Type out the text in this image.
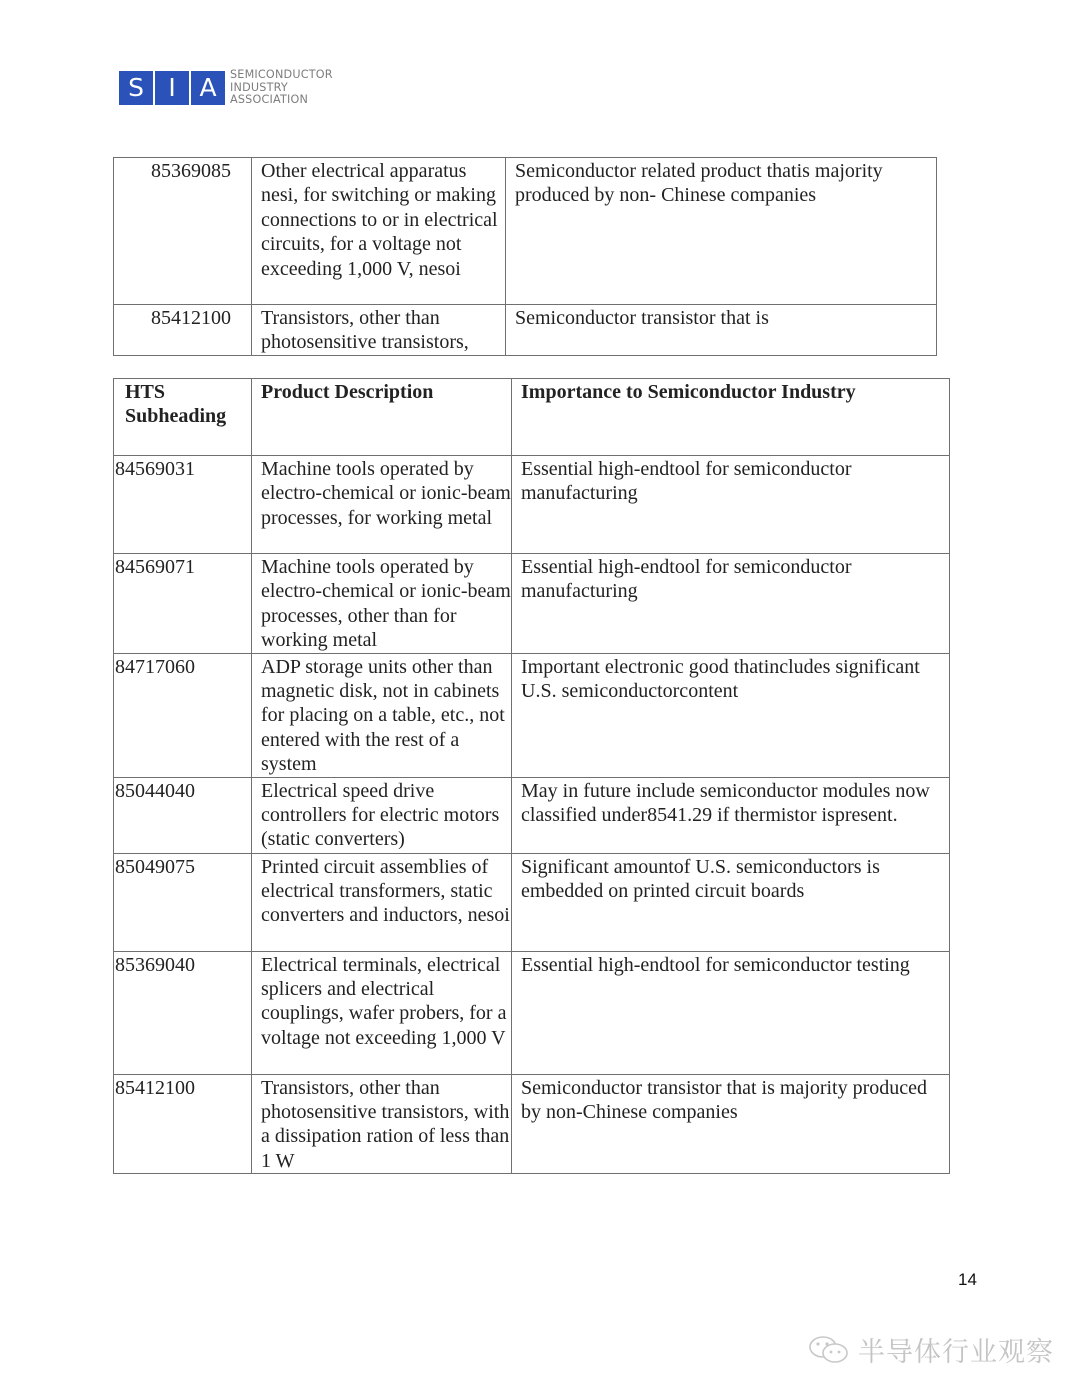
S I A	SEMICONDUCTOR
INDUSTRY
ASSOCIATION
85369085	Other electrical apparatus nesi, for switching or making connections to or in electrical circuits, for a voltage not exceeding 1,000 V, nesoi	Semiconductor related product thatis majority produced by non- Chinese companies
85412100	Transistors, other than photosensitive transistors,	Semiconductor transistor that is
HTS Subheading	Product Description	Importance to Semiconductor Industry
84569031	Machine tools operated by electro-chemical or ionic-beam processes, for working metal	Essential high-endtool for semiconductor manufacturing
84569071	Machine tools operated by electro-chemical or ionic-beam processes, other than for working metal	Essential high-endtool for semiconductor manufacturing
84717060	ADP storage units other than magnetic disk, not in cabinets for placing on a table, etc., not entered with the rest of a system	Important electronic good thatincludes significant U.S. semiconductorcontent
85044040	Electrical speed drive controllers for electric motors (static converters)	May in future include semiconductor modules now classified under8541.29 if thermistor ispresent.
85049075	Printed circuit assemblies of electrical transformers, static converters and inductors, nesoi	Significant amountof U.S. semiconductors is embedded on printed circuit boards
85369040	Electrical terminals, electrical splicers and electrical couplings, wafer probers, for a voltage not exceeding 1,000 V	Essential high-endtool for semiconductor testing
85412100	Transistors, other than photosensitive transistors, with a dissipation ration of less than 1 W	Semiconductor transistor that is majority produced by non-Chinese companies
14
半导体行业观察
